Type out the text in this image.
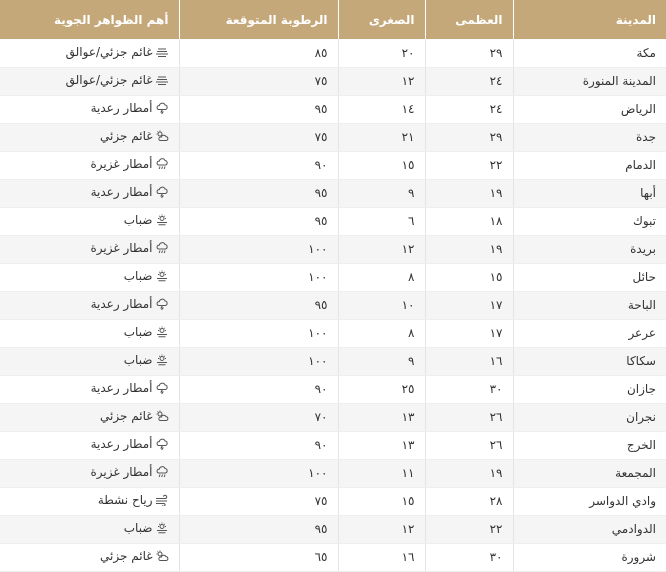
المدينة	العظمى	الصغرى	الرطوبة المتوقعة	أهم الظواهر الجوية
مكة	٢٩	٢٠	٨٥	غائم جزئي/عوالق

المدينة المنورة	٢٤	١٢	٧٥	غائم جزئي/عوالق

الرياض	٢٤	١٤	٩٥	أمطار رعدية

جدة	٢٩	٢١	٧٥	غائم جزئي

الدمام	٢٢	١٥	٩٠	أمطار غزيرة

أبها	١٩	٩	٩٥	أمطار رعدية

تبوك	١٨	٦	٩٥	ضباب

بريدة	١٩	١٢	١٠٠	أمطار غزيرة

حائل	١٥	٨	١٠٠	ضباب

الباحة	١٧	١٠	٩٥	أمطار رعدية

عرعر	١٧	٨	١٠٠	ضباب

سكاكا	١٦	٩	١٠٠	ضباب

جازان	٣٠	٢٥	٩٠	أمطار رعدية

نجران	٢٦	١٣	٧٠	غائم جزئي

الخرج	٢٦	١٣	٩٠	أمطار رعدية

المجمعة	١٩	١١	١٠٠	أمطار غزيرة

وادي الدواسر	٢٨	١٥	٧٥	رياح نشطة

الدوادمي	٢٢	١٢	٩٥	ضباب

شرورة	٣٠	١٦	٦٥	غائم جزئي
